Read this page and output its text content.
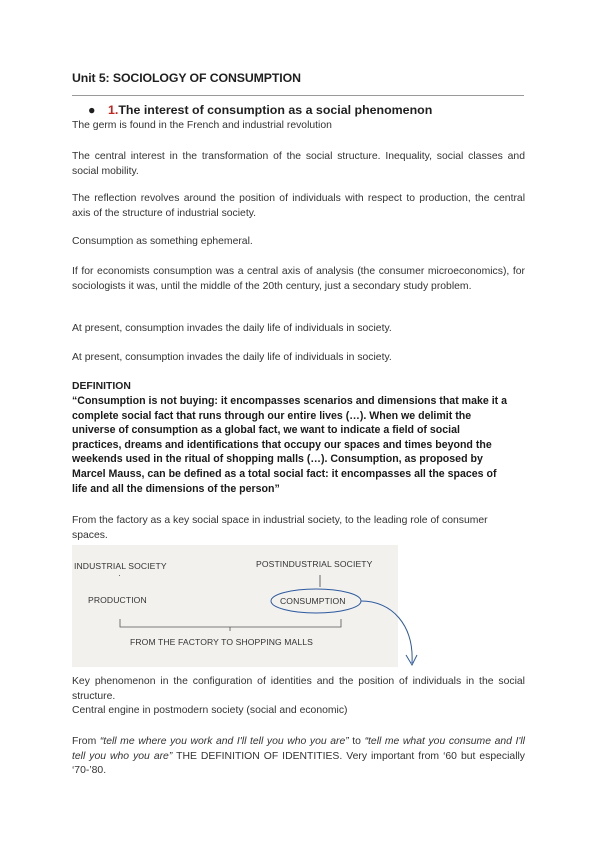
Unit 5: SOCIOLOGY OF CONSUMPTION
● 1.The interest of consumption as a social phenomenon
The germ is found in the French and industrial revolution
The central interest in the transformation of the social structure. Inequality, social classes and social mobility.
The reflection revolves around the position of individuals with respect to production, the central axis of the structure of industrial society.
Consumption as something ephemeral.
If for economists consumption was a central axis of analysis (the consumer microeconomics), for sociologists it was, until the middle of the 20th century, just a secondary study problem.
At present, consumption invades the daily life of individuals in society.
At present, consumption invades the daily life of individuals in society.
DEFINITION
“Consumption is not buying: it encompasses scenarios and dimensions that make it a complete social fact that runs through our entire lives (…). When we delimit the universe of consumption as a global fact, we want to indicate a field of social practices, dreams and identifications that occupy our spaces and times beyond the weekends used in the ritual of shopping malls (…). Consumption, as proposed by Marcel Mauss, can be defined as a total social fact: it encompasses all the spaces of life and all the dimensions of the person”
From the factory as a key social space in industrial society, to the leading role of consumer spaces.
INDUSTRIAL SOCIETY	POSTINDUSTRIAL SOCIETY
·
PRODUCTION	CONSUMPTION
FROM THE FACTORY TO SHOPPING MALLS
Key phenomenon in the configuration of identities and the position of individuals in the social structure.
Central engine in postmodern society (social and economic)
From “tell me where you work and I'll tell you who you are” to “tell me what you consume and I'll tell you who you are” THE DEFINITION OF IDENTITIES. Very important from ‘60 but especially ‘70-’80.
